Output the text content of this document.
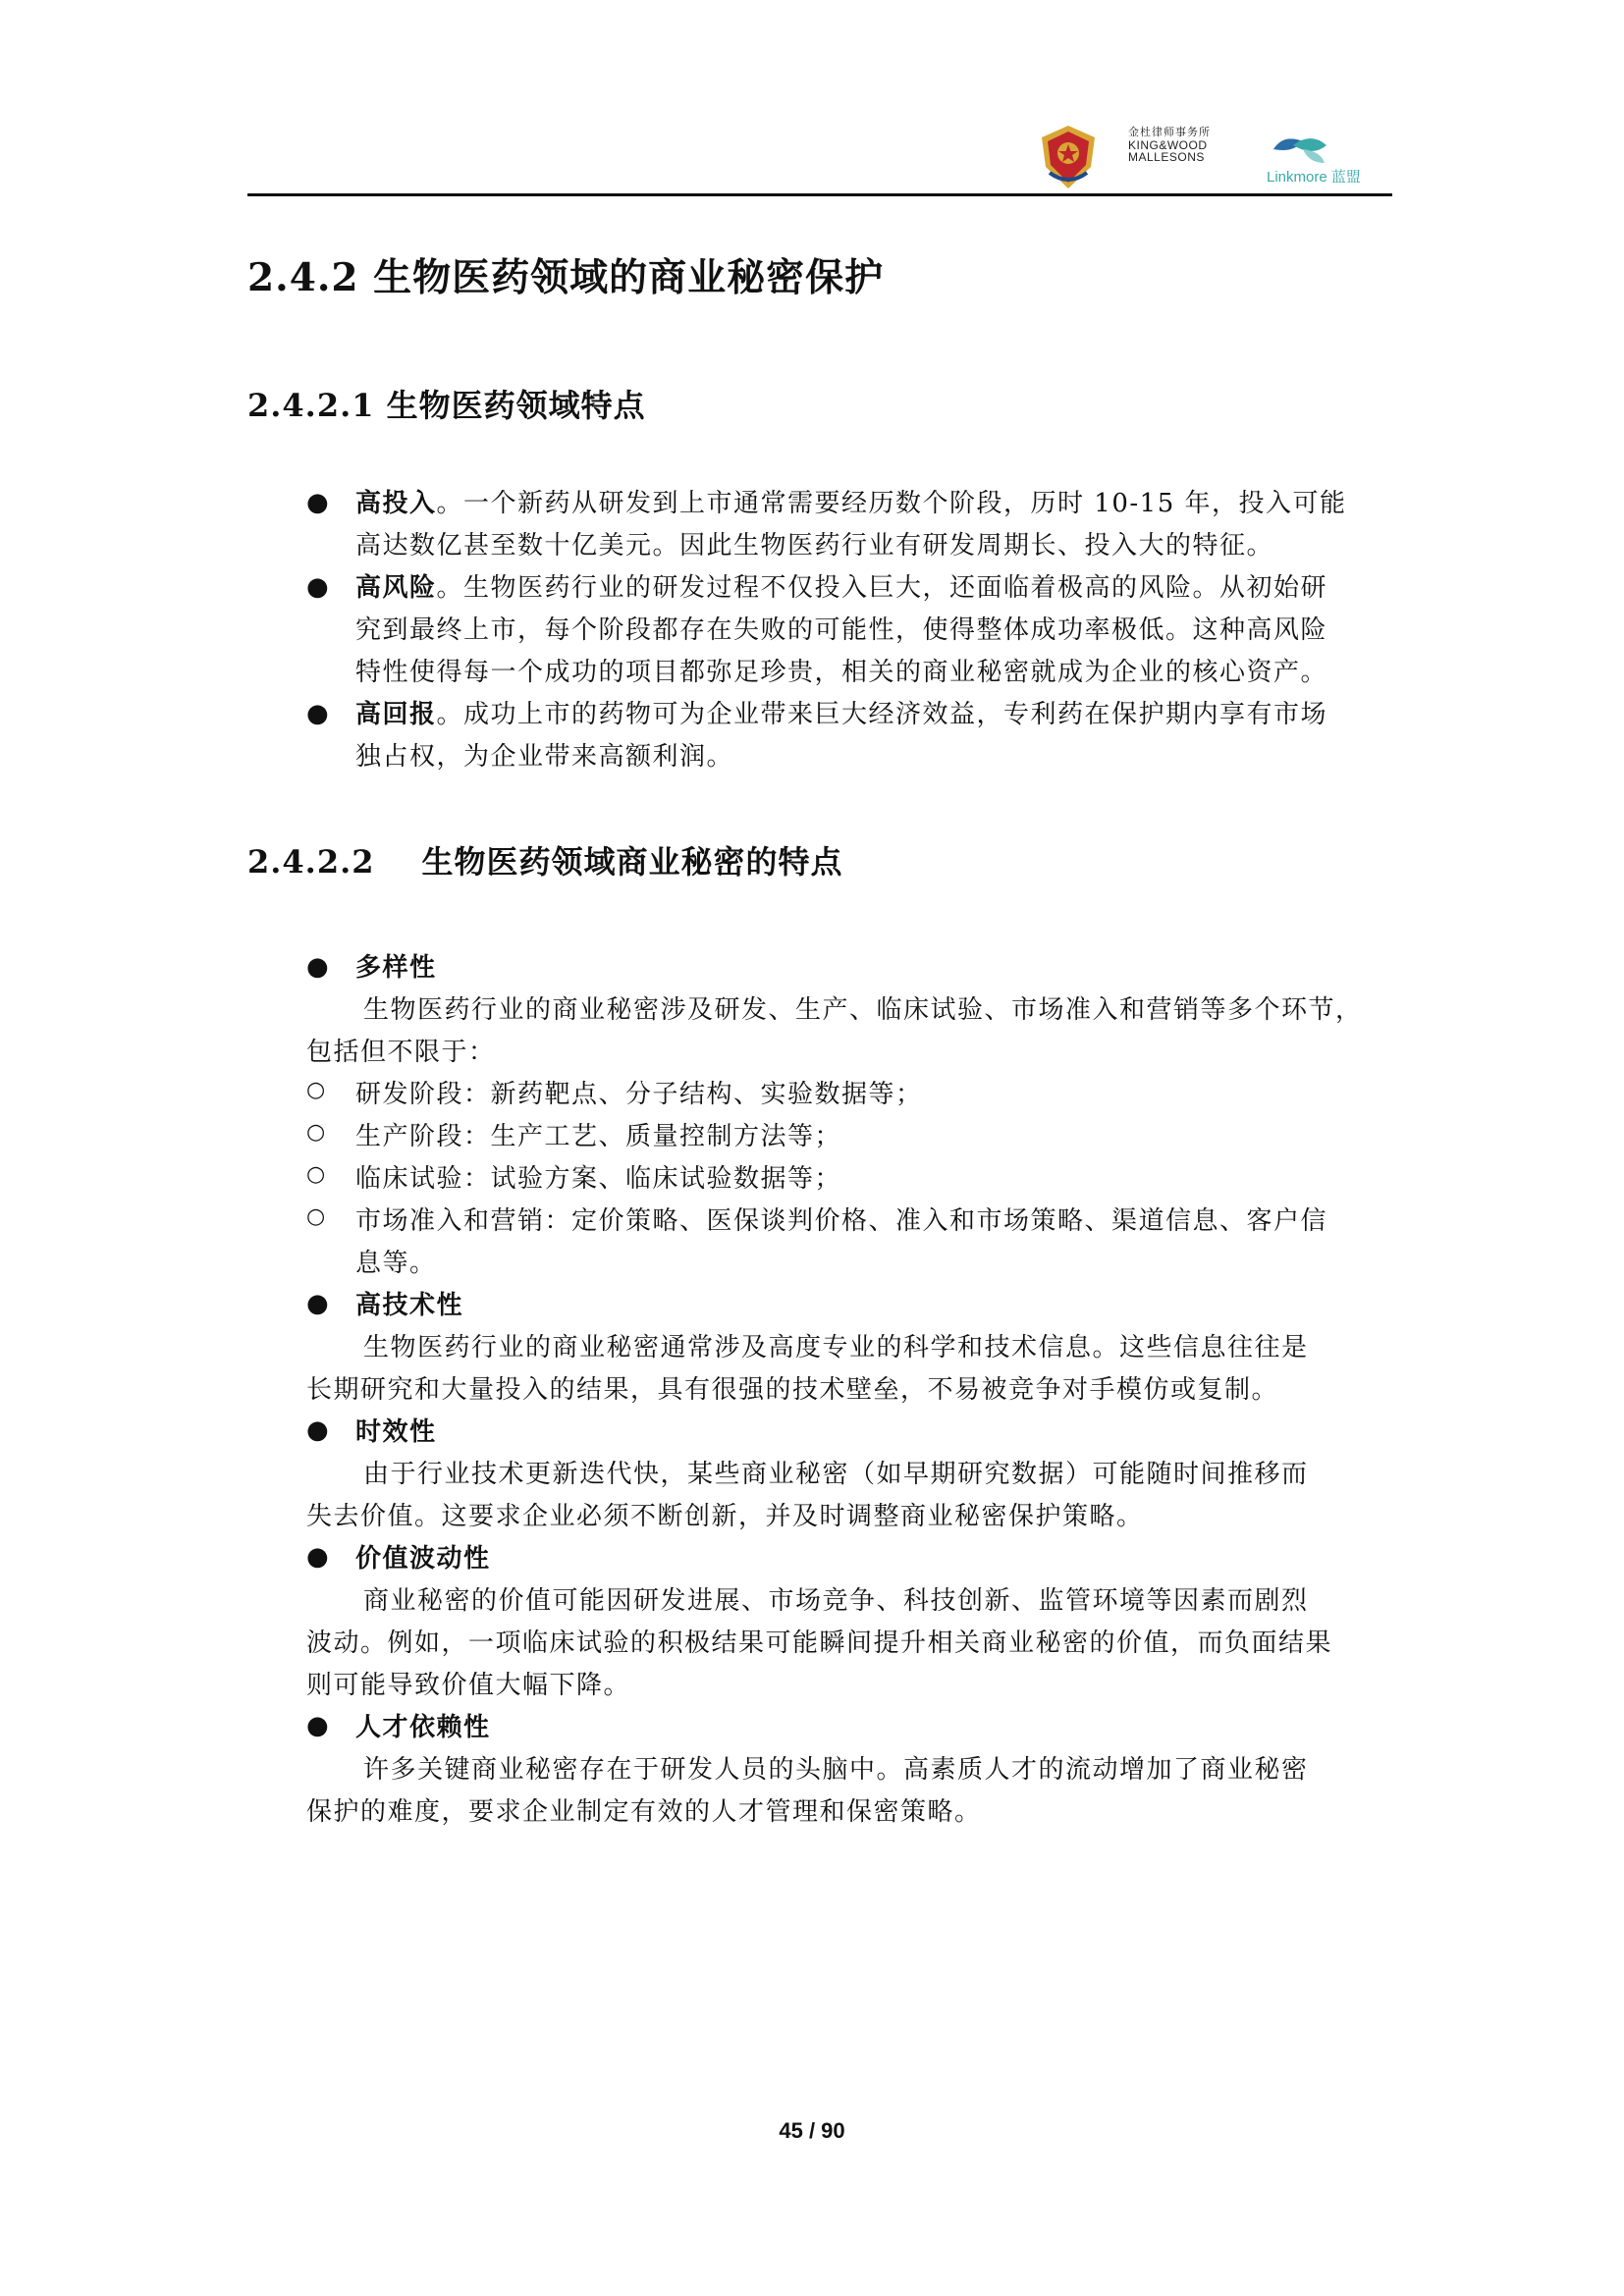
金杜律师事务所
KING&WOOD
MALLESONS
Linkmore 蓝盟
2.4.2 生物医药领域的商业秘密保护
2.4.2.1 生物医药领域特点
● 高投入。一个新药从研发到上市通常需要经历数个阶段，历时 10-15 年，投入可能
高达数亿甚至数十亿美元。因此生物医药行业有研发周期长、投入大的特征。
● 高风险。生物医药行业的研发过程不仅投入巨大，还面临着极高的风险。从初始研
究到最终上市，每个阶段都存在失败的可能性，使得整体成功率极低。这种高风险
特性使得每一个成功的项目都弥足珍贵，相关的商业秘密就成为企业的核心资产。
● 高回报。成功上市的药物可为企业带来巨大经济效益，专利药在保护期内享有市场
独占权，为企业带来高额利润。
2.4.2.2 生物医药领域商业秘密的特点
● 多样性
生物医药行业的商业秘密涉及研发、生产、临床试验、市场准入和营销等多个环节，
包括但不限于：
○ 研发阶段：新药靶点、分子结构、实验数据等；
○ 生产阶段：生产工艺、质量控制方法等；
○ 临床试验：试验方案、临床试验数据等；
○ 市场准入和营销：定价策略、医保谈判价格、准入和市场策略、渠道信息、客户信
息等。
● 高技术性
生物医药行业的商业秘密通常涉及高度专业的科学和技术信息。这些信息往往是
长期研究和大量投入的结果，具有很强的技术壁垒，不易被竞争对手模仿或复制。
● 时效性
由于行业技术更新迭代快，某些商业秘密（如早期研究数据）可能随时间推移而
失去价值。这要求企业必须不断创新，并及时调整商业秘密保护策略。
● 价值波动性
商业秘密的价值可能因研发进展、市场竞争、科技创新、监管环境等因素而剧烈
波动。例如，一项临床试验的积极结果可能瞬间提升相关商业秘密的价值，而负面结果
则可能导致价值大幅下降。
● 人才依赖性
许多关键商业秘密存在于研发人员的头脑中。高素质人才的流动增加了商业秘密
保护的难度，要求企业制定有效的人才管理和保密策略。
45 / 90
